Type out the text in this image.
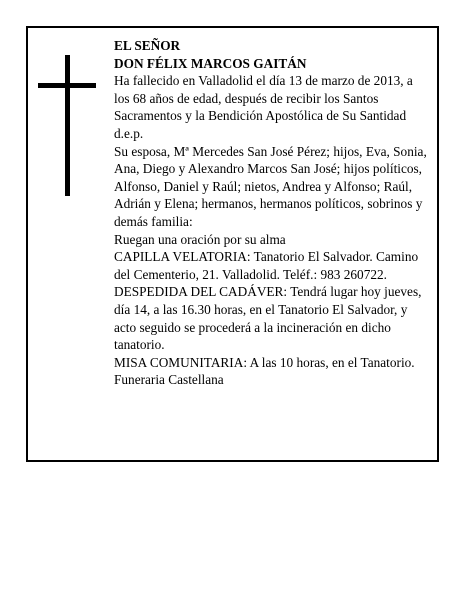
EL SEÑOR

DON FÉLIX MARCOS GAITÁN

Ha fallecido en Valladolid el día 13 de marzo de 2013, a los 68 años de edad, después de recibir los Santos Sacramentos y la Bendición Apostólica de Su Santidad d.e.p.

Su esposa, Mª Mercedes San José Pérez; hijos, Eva, Sonia, Ana, Diego y Alexandro Marcos San José; hijos políticos, Alfonso, Daniel y Raúl; nietos, Andrea y Alfonso; Raúl, Adrián y Elena; hermanos, hermanos políticos, sobrinos y demás familia:

Ruegan una oración por su alma

CAPILLA VELATORIA: Tanatorio El Salvador. Camino del Cementerio, 21. Valladolid. Teléf.: 983 260722.

DESPEDIDA DEL CADÁVER: Tendrá lugar hoy jueves, día 14, a las 16.30 horas, en el Tanatorio El Salvador, y acto seguido se procederá a la incineración en dicho tanatorio.

MISA COMUNITARIA: A las 10 horas, en el Tanatorio.

Funeraria Castellana
